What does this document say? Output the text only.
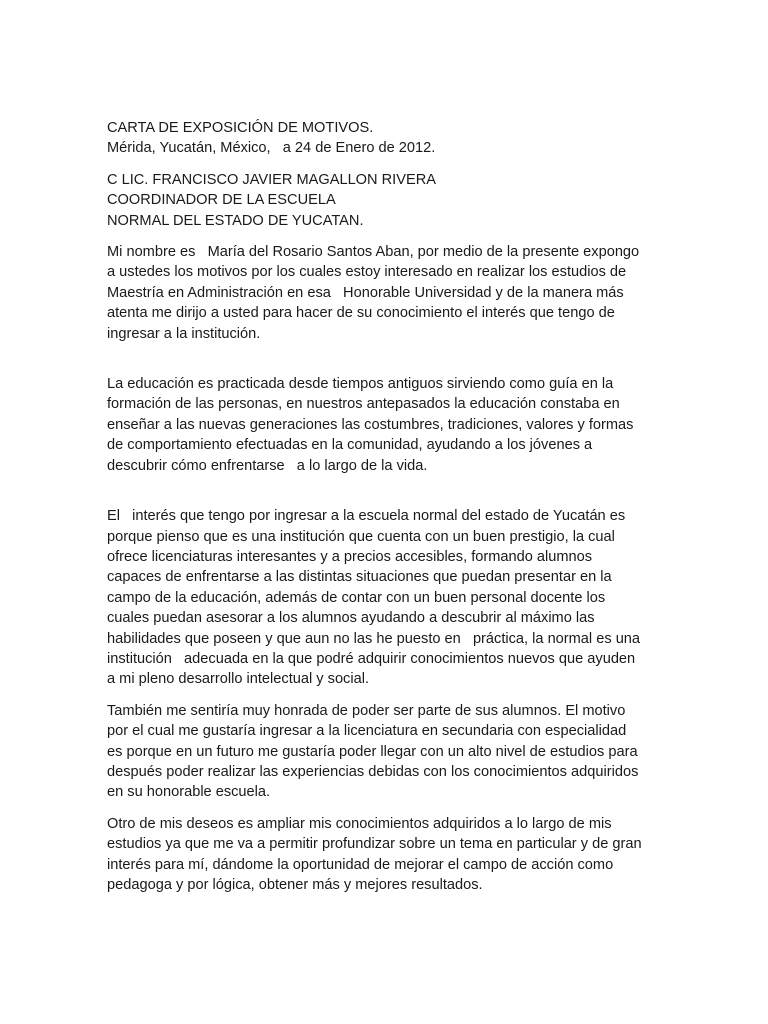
CARTA DE EXPOSICIÓN DE MOTIVOS.
Mérida, Yucatán, México,   a 24 de Enero de 2012.
C LIC. FRANCISCO JAVIER MAGALLON RIVERA
COORDINADOR DE LA ESCUELA
NORMAL DEL ESTADO DE YUCATAN.
Mi nombre es   María del Rosario Santos Aban, por medio de la presente expongo
a ustedes los motivos por los cuales estoy interesado en realizar los estudios de
Maestría en Administración en esa   Honorable Universidad y de la manera más
atenta me dirijo a usted para hacer de su conocimiento el interés que tengo de
ingresar a la institución.
La educación es practicada desde tiempos antiguos sirviendo como guía en la
formación de las personas, en nuestros antepasados la educación constaba en
enseñar a las nuevas generaciones las costumbres, tradiciones, valores y formas
de comportamiento efectuadas en la comunidad, ayudando a los jóvenes a
descubrir cómo enfrentarse   a lo largo de la vida.
El   interés que tengo por ingresar a la escuela normal del estado de Yucatán es
porque pienso que es una institución que cuenta con un buen prestigio, la cual
ofrece licenciaturas interesantes y a precios accesibles, formando alumnos
capaces de enfrentarse a las distintas situaciones que puedan presentar en la
campo de la educación, además de contar con un buen personal docente los
cuales puedan asesorar a los alumnos ayudando a descubrir al máximo las
habilidades que poseen y que aun no las he puesto en   práctica, la normal es una
institución   adecuada en la que podré adquirir conocimientos nuevos que ayuden
a mi pleno desarrollo intelectual y social.
También me sentiría muy honrada de poder ser parte de sus alumnos. El motivo
por el cual me gustaría ingresar a la licenciatura en secundaria con especialidad
es porque en un futuro me gustaría poder llegar con un alto nivel de estudios para
después poder realizar las experiencias debidas con los conocimientos adquiridos
en su honorable escuela.
Otro de mis deseos es ampliar mis conocimientos adquiridos a lo largo de mis
estudios ya que me va a permitir profundizar sobre un tema en particular y de gran
interés para mí, dándome la oportunidad de mejorar el campo de acción como
pedagoga y por lógica, obtener más y mejores resultados.
